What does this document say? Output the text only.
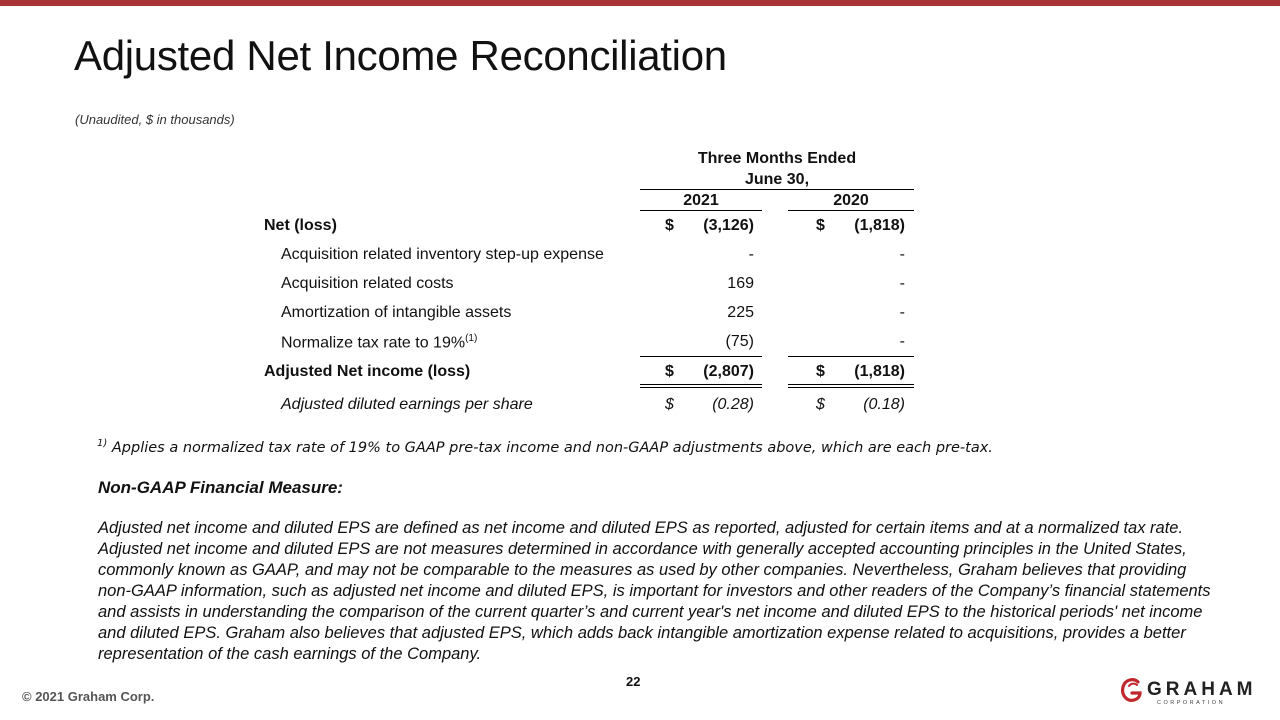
Adjusted Net Income Reconciliation
(Unaudited, $ in thousands)
Three Months Ended
June 30,
2021	2020
Net (loss)	$	(3,126)	$	(1,818)
Acquisition related inventory step-up expense	-	-
Acquisition related costs	169	-
Amortization of intangible assets	225	-
Normalize tax rate to 19%$^{(1)}$	(75)	-
Adjusted Net income (loss)	$	(2,807)	$	(1,818)
Adjusted diluted earnings per share	$	(0.28)	$	(0.18)
$^{1)}$ Applies a normalized tax rate of 19% to GAAP pre-tax income and non-GAAP adjustments above, which are each pre-tax.
Non-GAAP Financial Measure:
Adjusted net income and diluted EPS are defined as net income and diluted EPS as reported, adjusted for certain items and at a normalized tax rate. Adjusted net income and diluted EPS are not measures determined in accordance with generally accepted accounting principles in the United States, commonly known as GAAP, and may not be comparable to the measures as used by other companies. Nevertheless, Graham believes that providing non-GAAP information, such as adjusted net income and diluted EPS, is important for investors and other readers of the Company’s financial statements and assists in understanding the comparison of the current quarter’s and current year's net income and diluted EPS to the historical periods' net income and diluted EPS. Graham also believes that adjusted EPS, which adds back intangible amortization expense related to acquisitions, provides a better representation of the cash earnings of the Company.
22
© 2021 Graham Corp.	GRAHAM
CORPORATION
